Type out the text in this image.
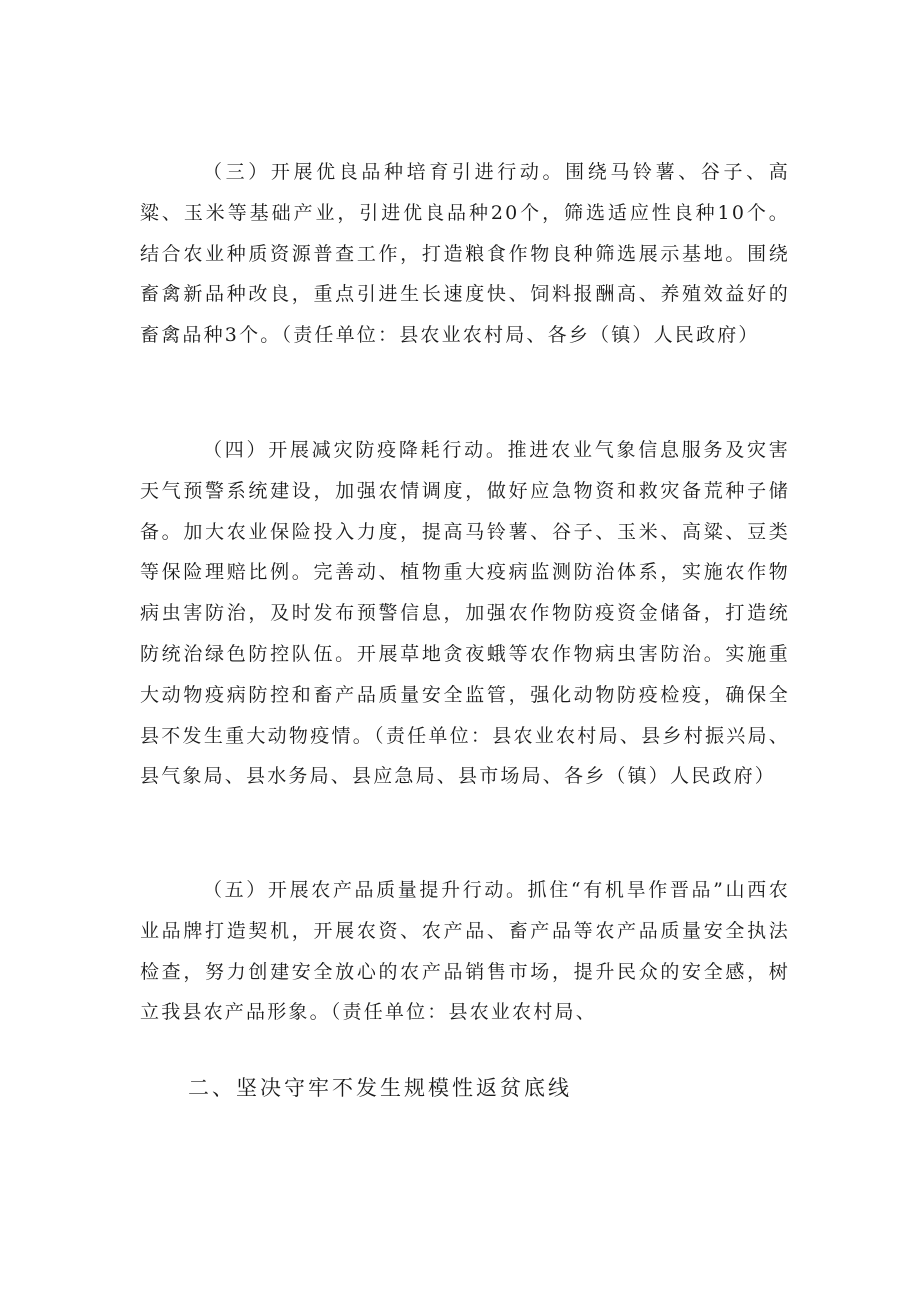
（三）开展优良品种培育引进行动。围绕马铃薯、谷子、高粱、玉米等基础产业，引进优良品种20个，筛选适应性良种10个。结合农业种质资源普查工作，打造粮食作物良种筛选展示基地。围绕畜禽新品种改良，重点引进生长速度快、饲料报酬高、养殖效益好的畜禽品种3个。（责任单位：县农业农村局、各乡（镇）人民政府）

（四）开展减灾防疫降耗行动。推进农业气象信息服务及灾害天气预警系统建设，加强农情调度，做好应急物资和救灾备荒种子储备。加大农业保险投入力度，提高马铃薯、谷子、玉米、高粱、豆类等保险理赔比例。完善动、植物重大疫病监测防治体系，实施农作物病虫害防治，及时发布预警信息，加强农作物防疫资金储备，打造统防统治绿色防控队伍。开展草地贪夜蛾等农作物病虫害防治。实施重大动物疫病防控和畜产品质量安全监管，强化动物防疫检疫，确保全县不发生重大动物疫情。（责任单位：县农业农村局、县乡村振兴局、县气象局、县水务局、县应急局、县市场局、各乡（镇）人民政府）

（五）开展农产品质量提升行动。抓住“有机旱作晋品”山西农业品牌打造契机，开展农资、农产品、畜产品等农产品质量安全执法检查，努力创建安全放心的农产品销售市场，提升民众的安全感，树立我县农产品形象。（责任单位：县农业农村局、

二、坚决守牢不发生规模性返贫底线
